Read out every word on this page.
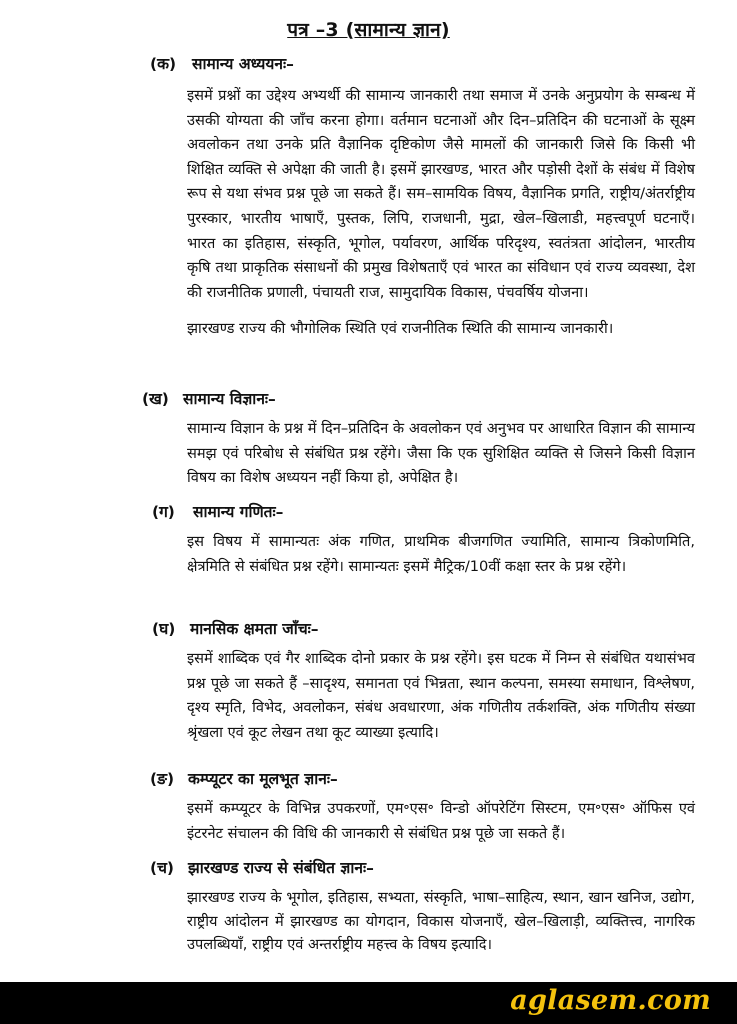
पत्र –3 (सामान्य ज्ञान)
(क) सामान्य अध्ययनः–
इसमें प्रश्नों का उद्देश्य अभ्यर्थी की सामान्य जानकारी तथा समाज में उनके अनुप्रयोग के सम्बन्ध में उसकी योग्यता की जाँच करना होगा। वर्तमान घटनाओं और दिन–प्रतिदिन की घटनाओं के सूक्ष्म अवलोकन तथा उनके प्रति वैज्ञानिक दृष्टिकोण जैसे मामलों की जानकारी जिसे कि किसी भी शिक्षित व्यक्ति से अपेक्षा की जाती है। इसमें झारखण्ड, भारत और पड़ोसी देशों के संबंध में विशेष रूप से यथा संभव प्रश्न पूछे जा सकते हैं। सम–सामयिक विषय, वैज्ञानिक प्रगति, राष्ट्रीय/अंतर्राष्ट्रीय पुरस्कार, भारतीय भाषाएँ, पुस्तक, लिपि, राजधानी, मुद्रा, खेल–खिलाडी, महत्त्वपूर्ण घटनाएँ। भारत का इतिहास, संस्कृति, भूगोल, पर्यावरण, आर्थिक परिदृश्य, स्वतंत्रता आंदोलन, भारतीय कृषि तथा प्राकृतिक संसाधनों की प्रमुख विशेषताएँ एवं भारत का संविधान एवं राज्य व्यवस्था, देश की राजनीतिक प्रणाली, पंचायती राज, सामुदायिक विकास, पंचवर्षिय योजना।
झारखण्ड राज्य की भौगोलिक स्थिति एवं राजनीतिक स्थिति की सामान्य जानकारी।
(ख) सामान्य विज्ञानः–
सामान्य विज्ञान के प्रश्न में दिन–प्रतिदिन के अवलोकन एवं अनुभव पर आधारित विज्ञान की सामान्य समझ एवं परिबोध से संबंधित प्रश्न रहेंगे। जैसा कि एक सुशिक्षित व्यक्ति से जिसने किसी विज्ञान विषय का विशेष अध्ययन नहीं किया हो, अपेक्षित है।
(ग) सामान्य गणितः–
इस विषय में सामान्यतः अंक गणित, प्राथमिक बीजगणित ज्यामिति, सामान्य त्रिकोणमिति, क्षेत्रमिति से संबंधित प्रश्न रहेंगे। सामान्यतः इसमें मैट्रिक/10वीं कक्षा स्तर के प्रश्न रहेंगे।
(घ) मानसिक क्षमता जाँचः–
इसमें शाब्दिक एवं गैर शाब्दिक दोनो प्रकार के प्रश्न रहेंगे। इस घटक में निम्न से संबंधित यथासंभव प्रश्न पूछे जा सकते हैं –सादृश्य, समानता एवं भिन्नता, स्थान कल्पना, समस्या समाधान, विश्लेषण, दृश्य स्मृति, विभेद, अवलोकन, संबंध अवधारणा, अंक गणितीय तर्कशक्ति, अंक गणितीय संख्या श्रृंखला एवं कूट लेखन तथा कूट व्याख्या इत्यादि।
(ङ) कम्प्यूटर का मूलभूत ज्ञानः–
इसमें कम्प्यूटर के विभिन्न उपकरणों, एम॰एस॰ विन्डो ऑपरेटिंग सिस्टम, एम॰एस॰ ऑफिस एवं इंटरनेट संचालन की विधि की जानकारी से संबंधित प्रश्न पूछे जा सकते हैं।
(च) झारखण्ड राज्य से संबंधित ज्ञानः–
झारखण्ड राज्य के भूगोल, इतिहास, सभ्यता, संस्कृति, भाषा–साहित्य, स्थान, खान खनिज, उद्योग, राष्ट्रीय आंदोलन में झारखण्ड का योगदान, विकास योजनाएँ, खेल–खिलाड़ी, व्यक्तित्त्व, नागरिक उपलब्धियाँ, राष्ट्रीय एवं अन्तर्राष्ट्रीय महत्त्व के विषय इत्यादि।
aglasem.com
